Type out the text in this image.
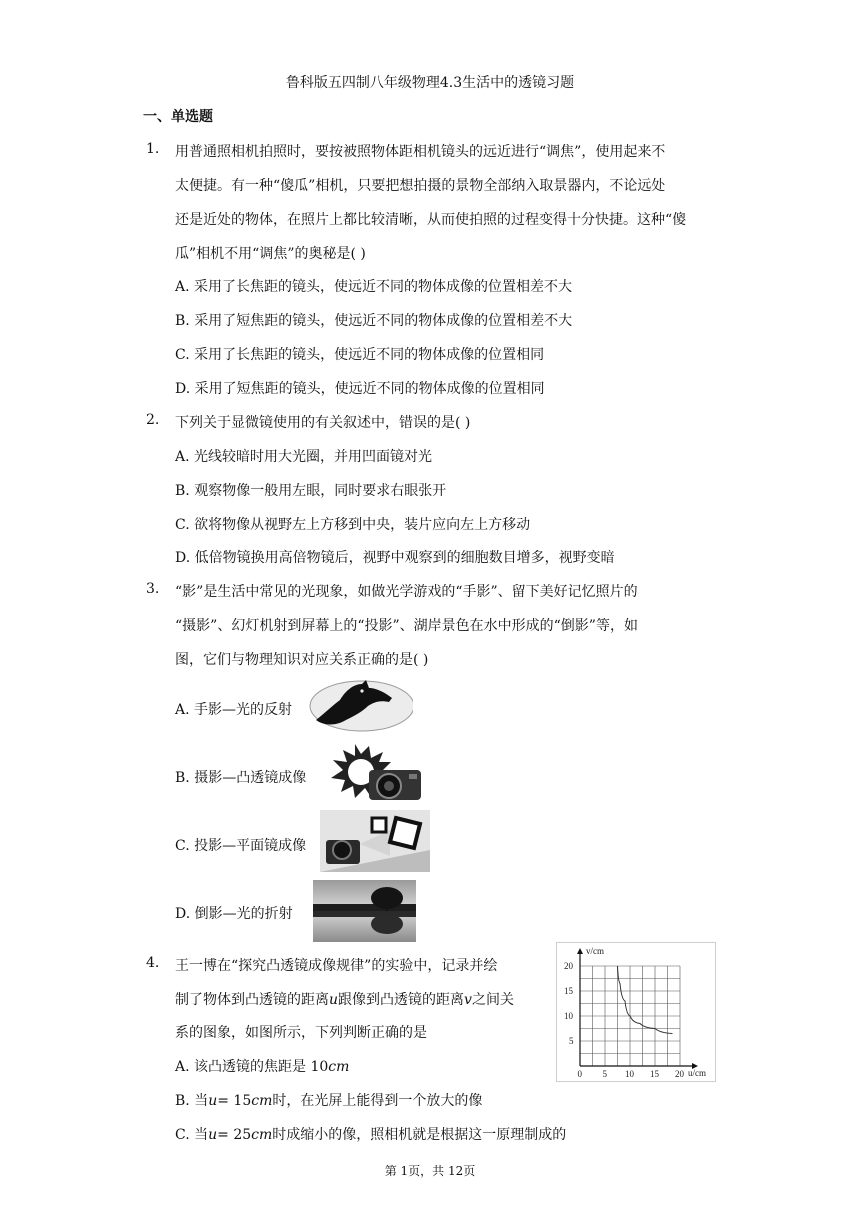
鲁科版五四制八年级物理4.3生活中的透镜习题
一、单选题
1. 用普通照相机拍照时，要按被照物体距相机镜头的远近进行“调焦”，使用起来不
太便捷。有一种“傻瓜”相机，只要把想拍摄的景物全部纳入取景器内，不论远处
还是近处的物体，在照片上都比较清晰，从而使拍照的过程变得十分快捷。这种“傻
瓜”相机不用“调焦”的奥秘是( )
A. 采用了长焦距的镜头，使远近不同的物体成像的位置相差不大
B. 采用了短焦距的镜头，使远近不同的物体成像的位置相差不大
C. 采用了长焦距的镜头，使远近不同的物体成像的位置相同
D. 采用了短焦距的镜头，使远近不同的物体成像的位置相同
2. 下列关于显微镜使用的有关叙述中，错误的是( )
A. 光线较暗时用大光圈，并用凹面镜对光
B. 观察物像一般用左眼，同时要求右眼张开
C. 欲将物像从视野左上方移到中央，装片应向左上方移动
D. 低倍物镜换用高倍物镜后，视野中观察到的细胞数目增多，视野变暗
3. “影”是生活中常见的光现象，如做光学游戏的“手影”、留下美好记忆照片的
“摄影”、幻灯机射到屏幕上的“投影”、湖岸景色在水中形成的“倒影”等，如
图，它们与物理知识对应关系正确的是( )
A. 手影—光的反射
B. 摄影—凸透镜成像
C. 投影—平面镜成像
D. 倒影—光的折射
4. 王一博在“探究凸透镜成像规律”的实验中，记录并绘
制了物体到凸透镜的距离u跟像到凸透镜的距离v之间关
系的图象，如图所示，下列判断正确的是
A. 该凸透镜的焦距是 10cm
B. 当u= 15cm时，在光屏上能得到一个放大的像
C. 当u= 25cm时成缩小的像，照相机就是根据这一原理制成的
0 5 10 15 20
20
15
10
5
v/cm
u/cm
第 1页，共 12页
